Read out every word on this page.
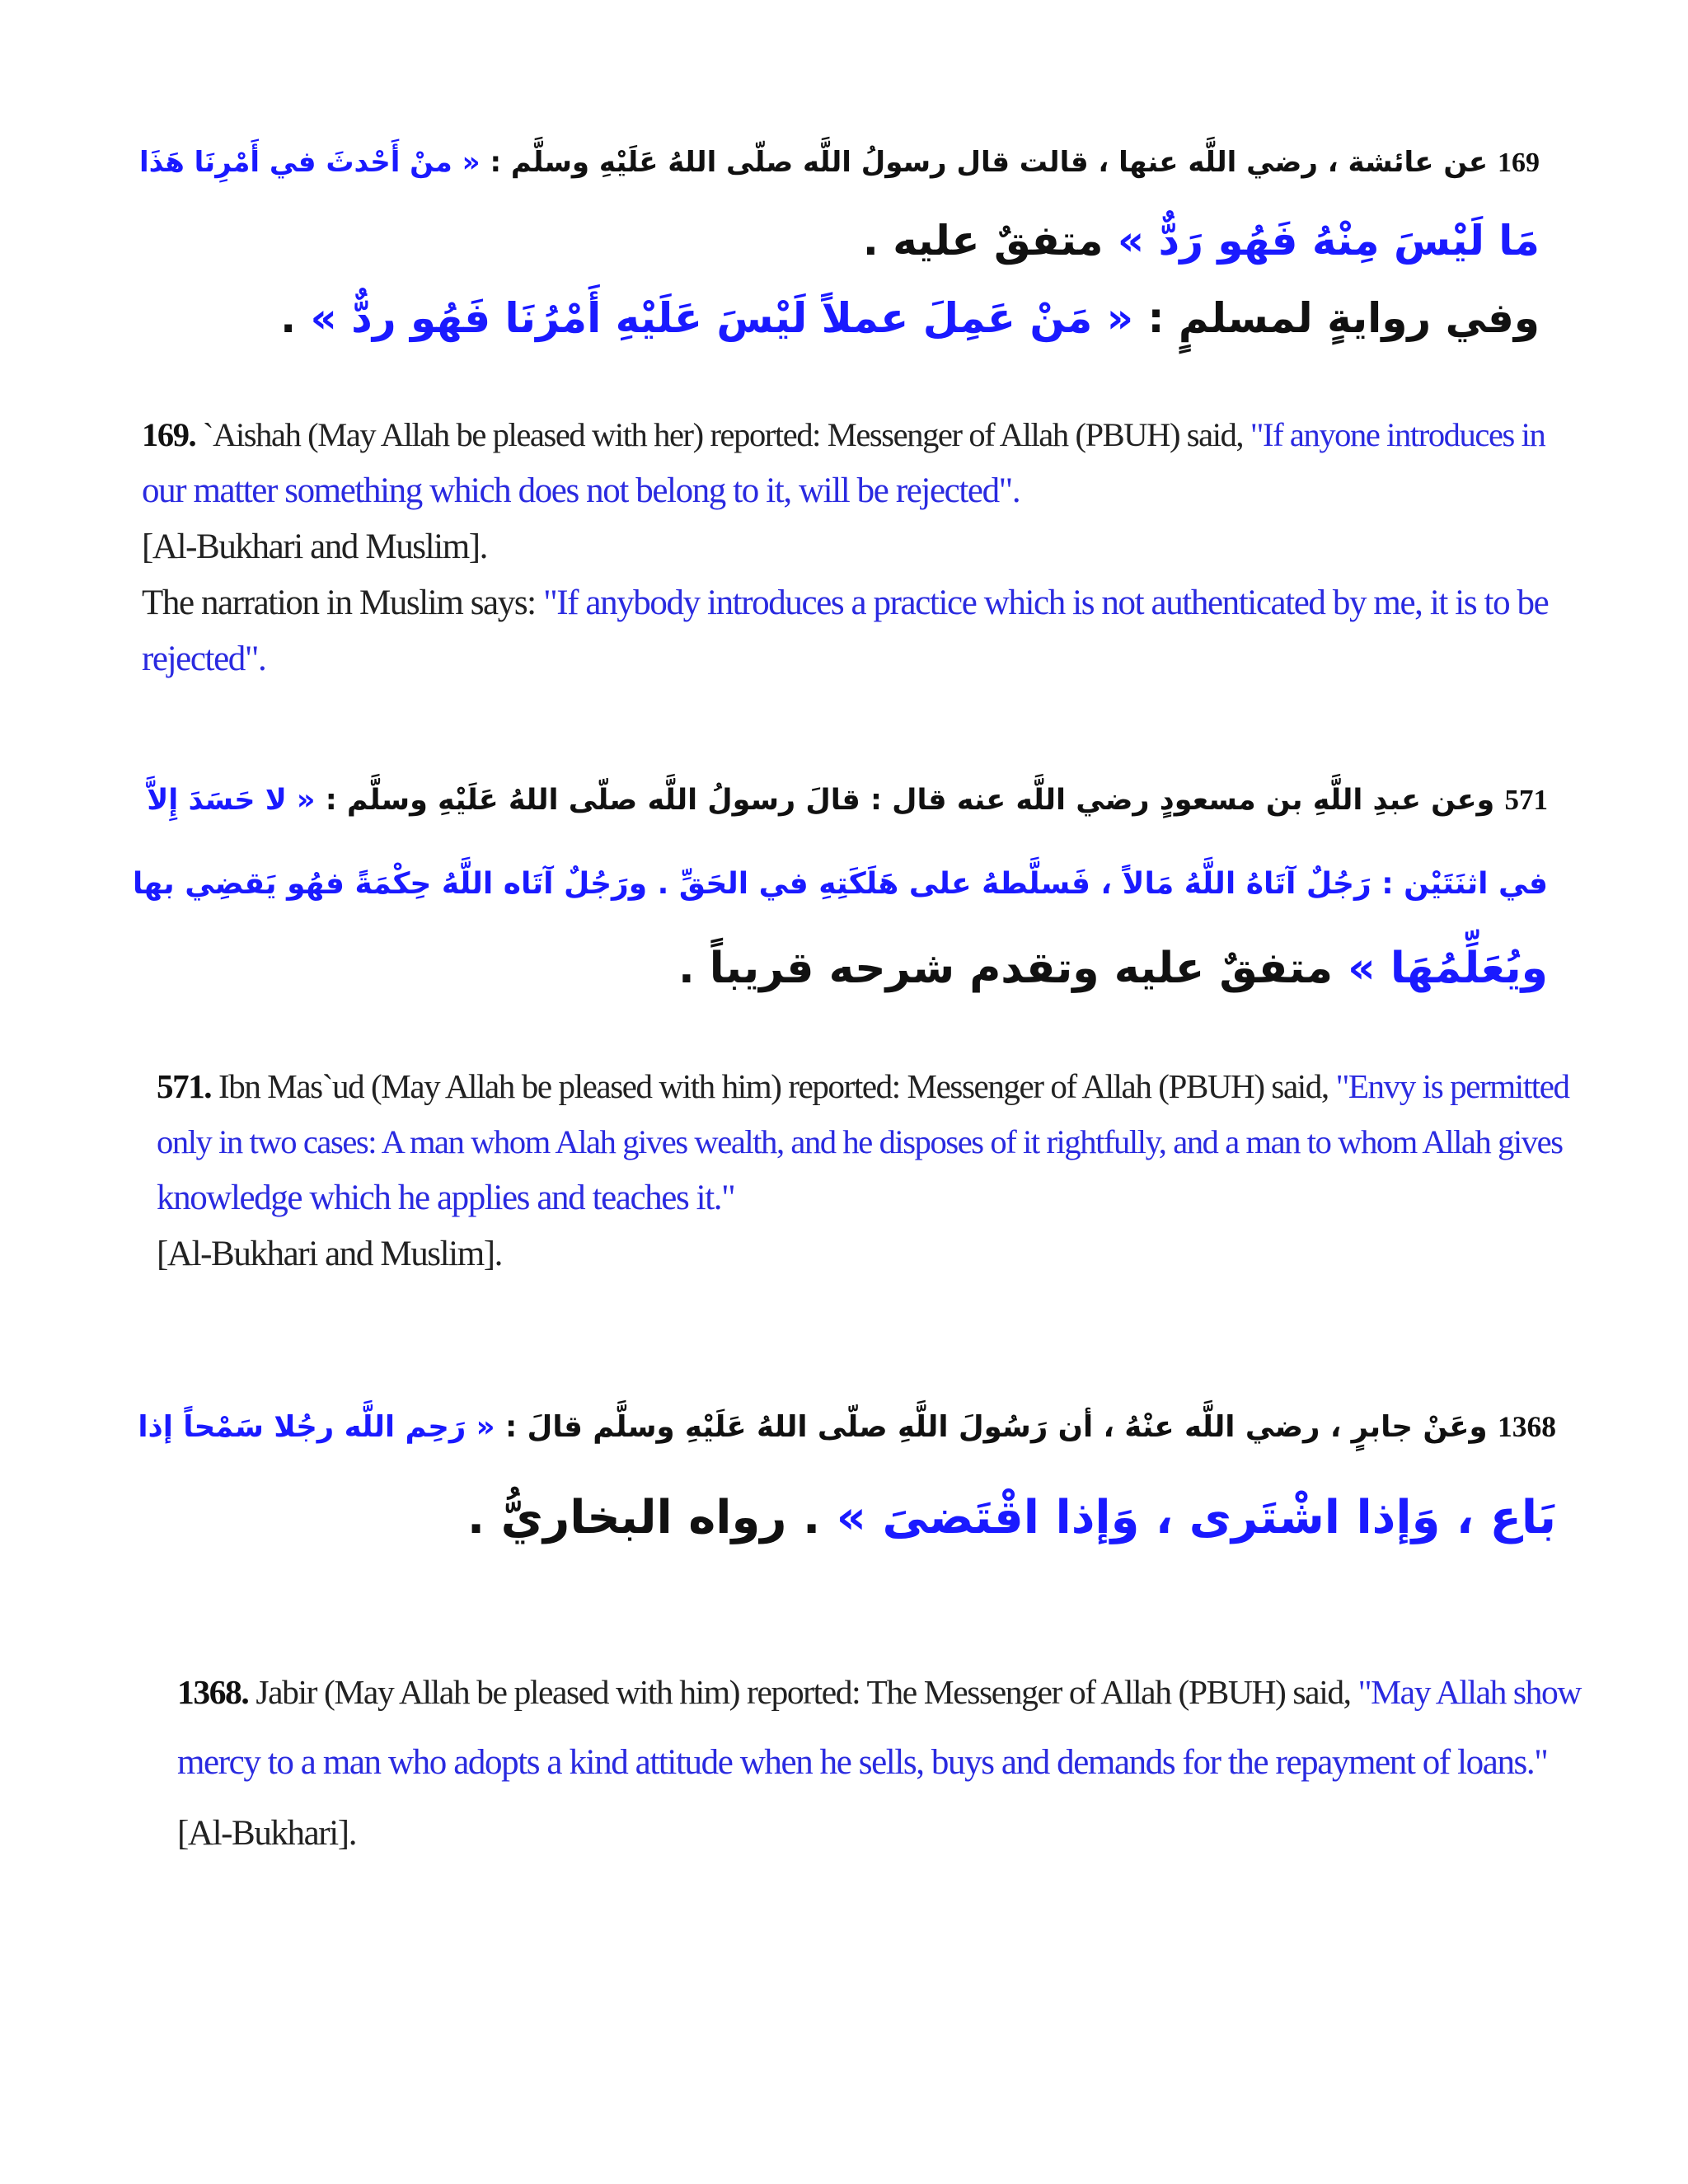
169 عن عائشة ، رضي اللَّه عنها ، قالت قال رسولُ اللَّه صلّى اللهُ عَلَيْهِ وسلَّم : « منْ أَحْدثَ في أَمْرِنَا هَذَا
مَا لَيْسَ مِنْهُ فَهُو رَدٌّ » متفقٌ عليه .
وفي روايةٍ لمسلمٍ : « مَنْ عَمِلَ عملاً لَيْسَ عَلَيْهِ أَمْرُنَا فَهُو ردٌّ » .
169. `Aishah (May Allah be pleased with her) reported: Messenger of Allah (PBUH) said, "If anyone introduces in
our matter something which does not belong to it, will be rejected".
[Al-Bukhari and Muslim].
The narration in Muslim says: "If anybody introduces a practice which is not authenticated by me, it is to be
rejected".
571 وعن عبدِ اللَّهِ بن مسعودٍ رضي اللَّه عنه قال : قالَ رسولُ اللَّه صلّى اللهُ عَلَيْهِ وسلَّم : « لا حَسَدَ إِلاَّ
في اثنَتَيْن : رَجُلٌ آتَاهُ اللَّهُ مَالاً ، فَسلَّطهُ على هَلَكَتِهِ في الحَقِّ . ورَجُلٌ آتَاه اللَّهُ حِكْمَةً فهُو يَقضِي بها
ويُعَلِّمُهَا » متفقٌ عليه وتقدم شرحه قريباً .
571. Ibn Mas`ud (May Allah be pleased with him) reported: Messenger of Allah (PBUH) said, "Envy is permitted
only in two cases: A man whom Alah gives wealth, and he disposes of it rightfully, and a man to whom Allah gives
knowledge which he applies and teaches it."
[Al-Bukhari and Muslim].
1368 وعَنْ جابرٍ ، رضي اللَّه عنْهُ ، أن رَسُولَ اللَّهِ صلّى اللهُ عَلَيْهِ وسلَّم قالَ : « رَحِم اللَّه رجُلا سَمْحاً إذا
بَاع ، وَإذا اشْتَرى ، وَإذا اقْتَضىَ » . رواه البخاريُّ .
1368. Jabir (May Allah be pleased with him) reported: The Messenger of Allah (PBUH) said, "May Allah show
mercy to a man who adopts a kind attitude when he sells, buys and demands for the repayment of loans."
[Al-Bukhari].
